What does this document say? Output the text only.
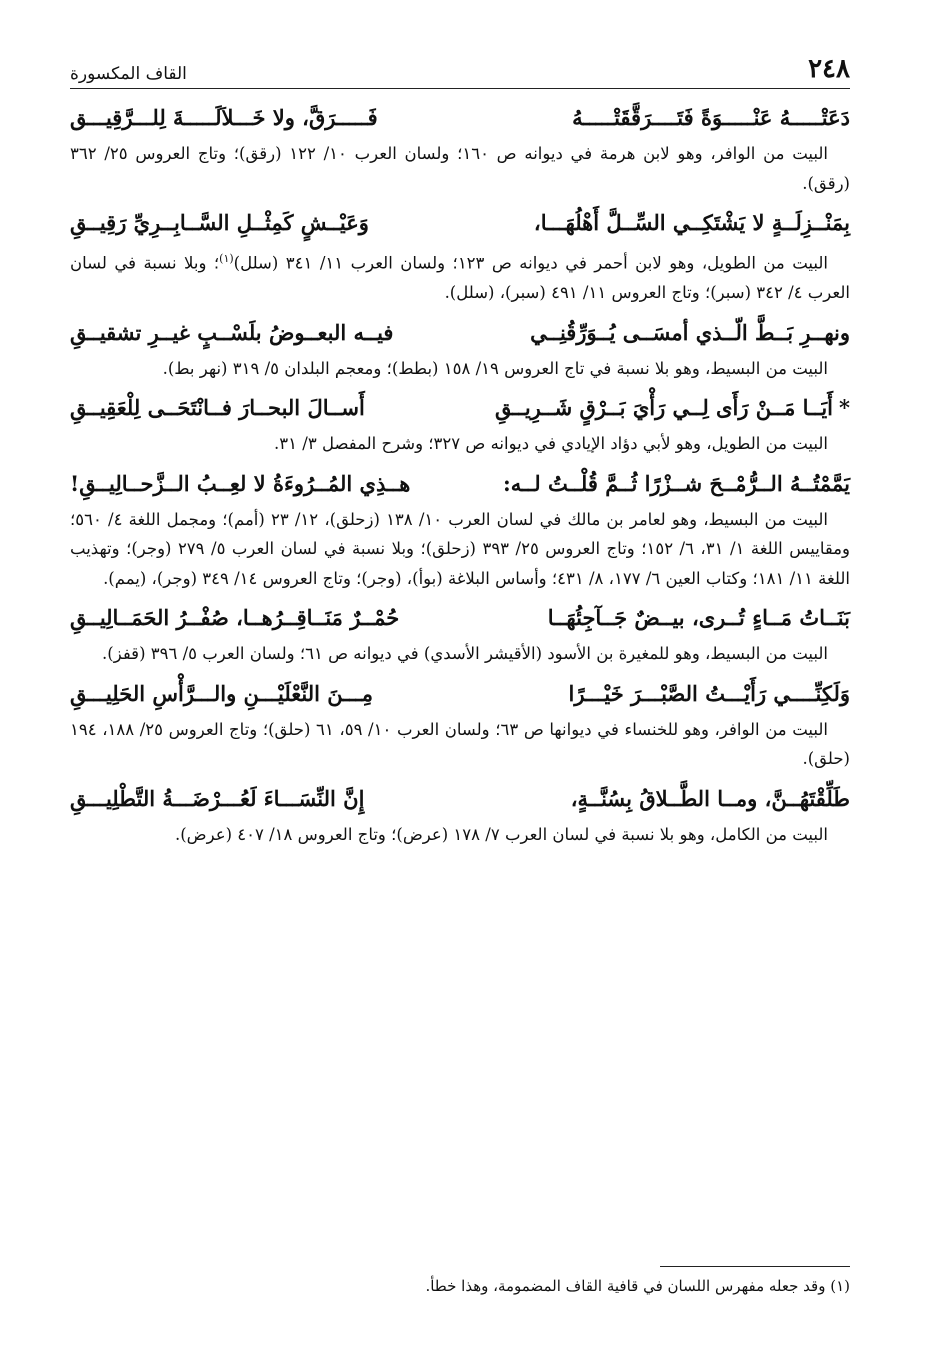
٢٤٨
القاف المكسورة
دَعَتْـــــهُ عَنْـــــوَةً فَتَــــرَقَّقَتْـــــهُ
فَـــــرَقَّ، ولا خَـــلاَلَـــــةَ لِلـــرَّقِيـــق
البيت من الوافر، وهو لابن هرمة في ديوانه ص ١٦٠؛ ولسان العرب ١٠/ ١٢٢ (رقق)؛ وتاج العروس ٢٥/ ٣٦٢ (رقق).
بِمَنْــزِلَــةٍ لا يَشْتَكِــي السِّــلَّ أَهْلُهَـــا،
وَعَيْــشٍ كَمِثْــلِ السَّــابِــرِيِّ رَقِيــقِ
البيت من الطويل، وهو لابن أحمر في ديوانه ص ١٢٣؛ ولسان العرب ١١/ ٣٤١ (سلل)$^{(١)}$؛ وبلا نسبة في لسان العرب ٤/ ٣٤٢ (سبر)؛ وتاج العروس ١١/ ٤٩١ (سبر)، (سلل).
ونهــرِ بَــطَّ الّــذي أمسَــى يُــوَرِّقُنِــي
فيــه البعــوضُ بلَسْــبٍ غيــرِ تشقيــقِ
البيت من البسيط، وهو بلا نسبة في تاج العروس ١٩/ ١٥٨ (بطط)؛ ومعجم البلدان ٥/ ٣١٩ (نهر بط).
*أَيَــا مَــنْ رَأَى لِــي رَأْيَ بَــرْقٍ شَــرِيــقِ
أَســالَ البحــارَ فــانْتَحَــى لِلْعَقِيــقِ
البيت من الطويل، وهو لأبي دؤاد الإيادي في ديوانه ص ٣٢٧؛ وشرح المفصل ٣/ ٣١.
يَمَّمْتُــهُ الــرُّمْــحَ شــزْرًا ثُــمَّ قُلْــتُ لــه:
هــذِي المُــرُوءَةُ لا لعِــبُ الــزَّحــالِيــقِ!
البيت من البسيط، وهو لعامر بن مالك في لسان العرب ١٠/ ١٣٨ (زحلق)، ١٢/ ٢٣ (أمم)؛ ومجمل اللغة ٤/ ٥٦٠؛ ومقاييس اللغة ١/ ٣١، ٦/ ١٥٢؛ وتاج العروس ٢٥/ ٣٩٣ (زحلق)؛ وبلا نسبة في لسان العرب ٥/ ٢٧٩ (وجر)؛ وتهذيب اللغة ١١/ ١٨١؛ وكتاب العين ٦/ ١٧٧، ٨/ ٤٣١؛ وأساس البلاغة (بوأ)، (وجر)؛ وتاج العروس ١٤/ ٣٤٩ (وجر)، (يمم).
بَنَــاتُ مَــاءٍ تُــرى، بيــضٌ جَــآجِئُهَــا
حُمْــرٌ مَنَــاقِــرُهــا، صُفْــرُ الحَمَــالِيــقِ
البيت من البسيط، وهو للمغيرة بن الأسود (الأقيشر الأسدي) في ديوانه ص ٦١؛ ولسان العرب ٥/ ٣٩٦ (قفز).
وَلَكِنِّــــي رَأَيْـــتُ الصَّبْـــرَ خَيْـــرًا
مِـــنَ النَّعْلَيْـــنِ والـــرَّأْسِ الحَلِيـــقِ
البيت من الوافر، وهو للخنساء في ديوانها ص ٦٣؛ ولسان العرب ١٠/ ٥٩، ٦١ (حلق)؛ وتاج العروس ٢٥/ ١٨٨، ١٩٤ (حلق).
طَلِّقْتَهُــنَّ، ومــا الطَّــلاقُ بِسُنَّــةٍ،
إِنَّ النِّسَـــاءَ لَعُـــرْضَـــةُ التَّطْلِيـــقِ
البيت من الكامل، وهو بلا نسبة في لسان العرب ٧/ ١٧٨ (عرض)؛ وتاج العروس ١٨/ ٤٠٧ (عرض).
(١) وقد جعله مفهرس اللسان في قافية القاف المضمومة، وهذا خطأ.
